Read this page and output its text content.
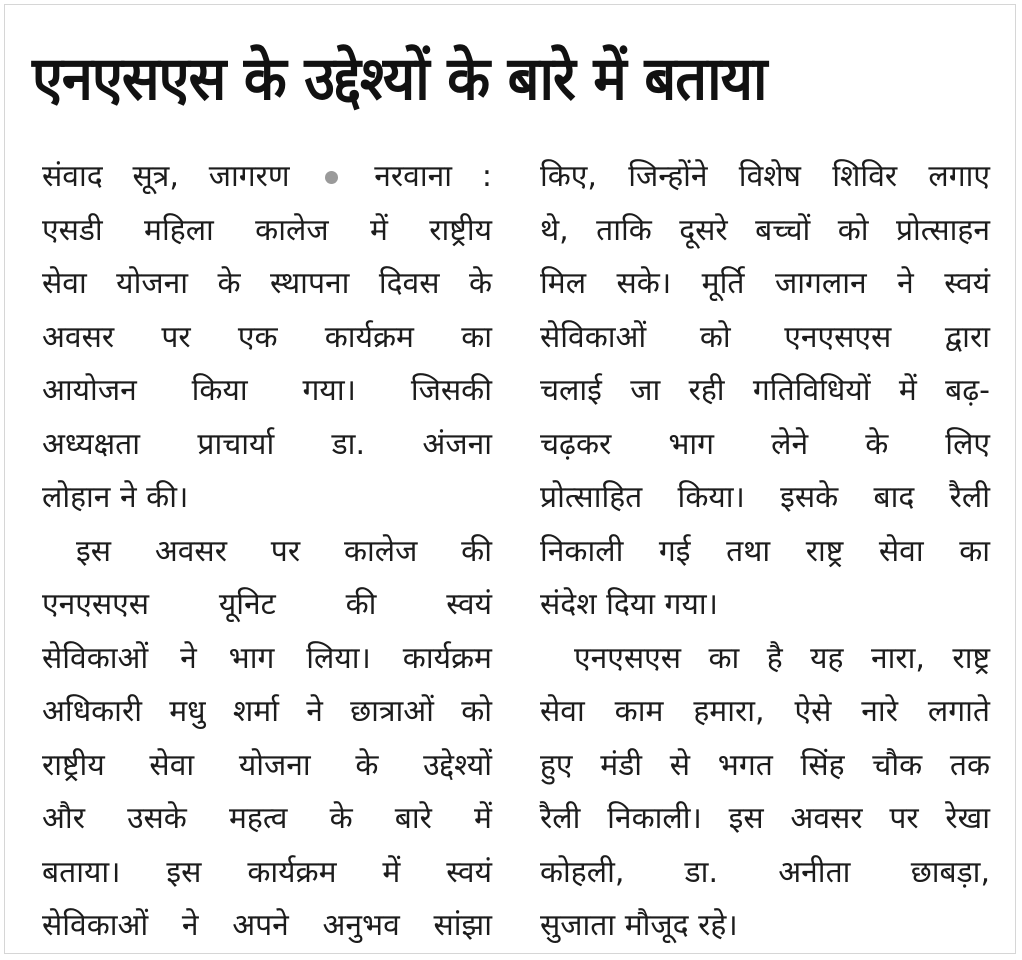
एनएसएस के उद्देश्यों के बारे में बताया
संवाद सूत्र, जागरण	नरवाना :
एसडी महिला कालेज में राष्ट्रीय
सेवा योजना के स्थापना दिवस के
अवसर पर एक कार्यक्रम का
आयोजन किया गया। जिसकी
अध्यक्षता प्राचार्या डा. अंजना
लोहान ने की।
इस अवसर पर कालेज की
एनएसएस यूनिट की स्वयं
सेविकाओं ने भाग लिया। कार्यक्रम
अधिकारी मधु शर्मा ने छात्राओं को
राष्ट्रीय सेवा योजना के उद्देश्यों
और उसके महत्व के बारे में
बताया। इस कार्यक्रम में स्वयं
सेविकाओं ने अपने अनुभव सांझा
किए, जिन्होंने विशेष शिविर लगाए
थे, ताकि दूसरे बच्चों को प्रोत्साहन
मिल सके। मूर्ति जागलान ने स्वयं
सेविकाओं को एनएसएस द्वारा
चलाई जा रही गतिविधियों में बढ़-
चढ़कर भाग लेने के लिए
प्रोत्साहित किया। इसके बाद रैली
निकाली गई तथा राष्ट्र सेवा का
संदेश दिया गया।
एनएसएस का है यह नारा, राष्ट्र
सेवा काम हमारा, ऐसे नारे लगाते
हुए मंडी से भगत सिंह चौक तक
रैली निकाली। इस अवसर पर रेखा
कोहली, डा. अनीता छाबड़ा,
सुजाता मौजूद रहे।
